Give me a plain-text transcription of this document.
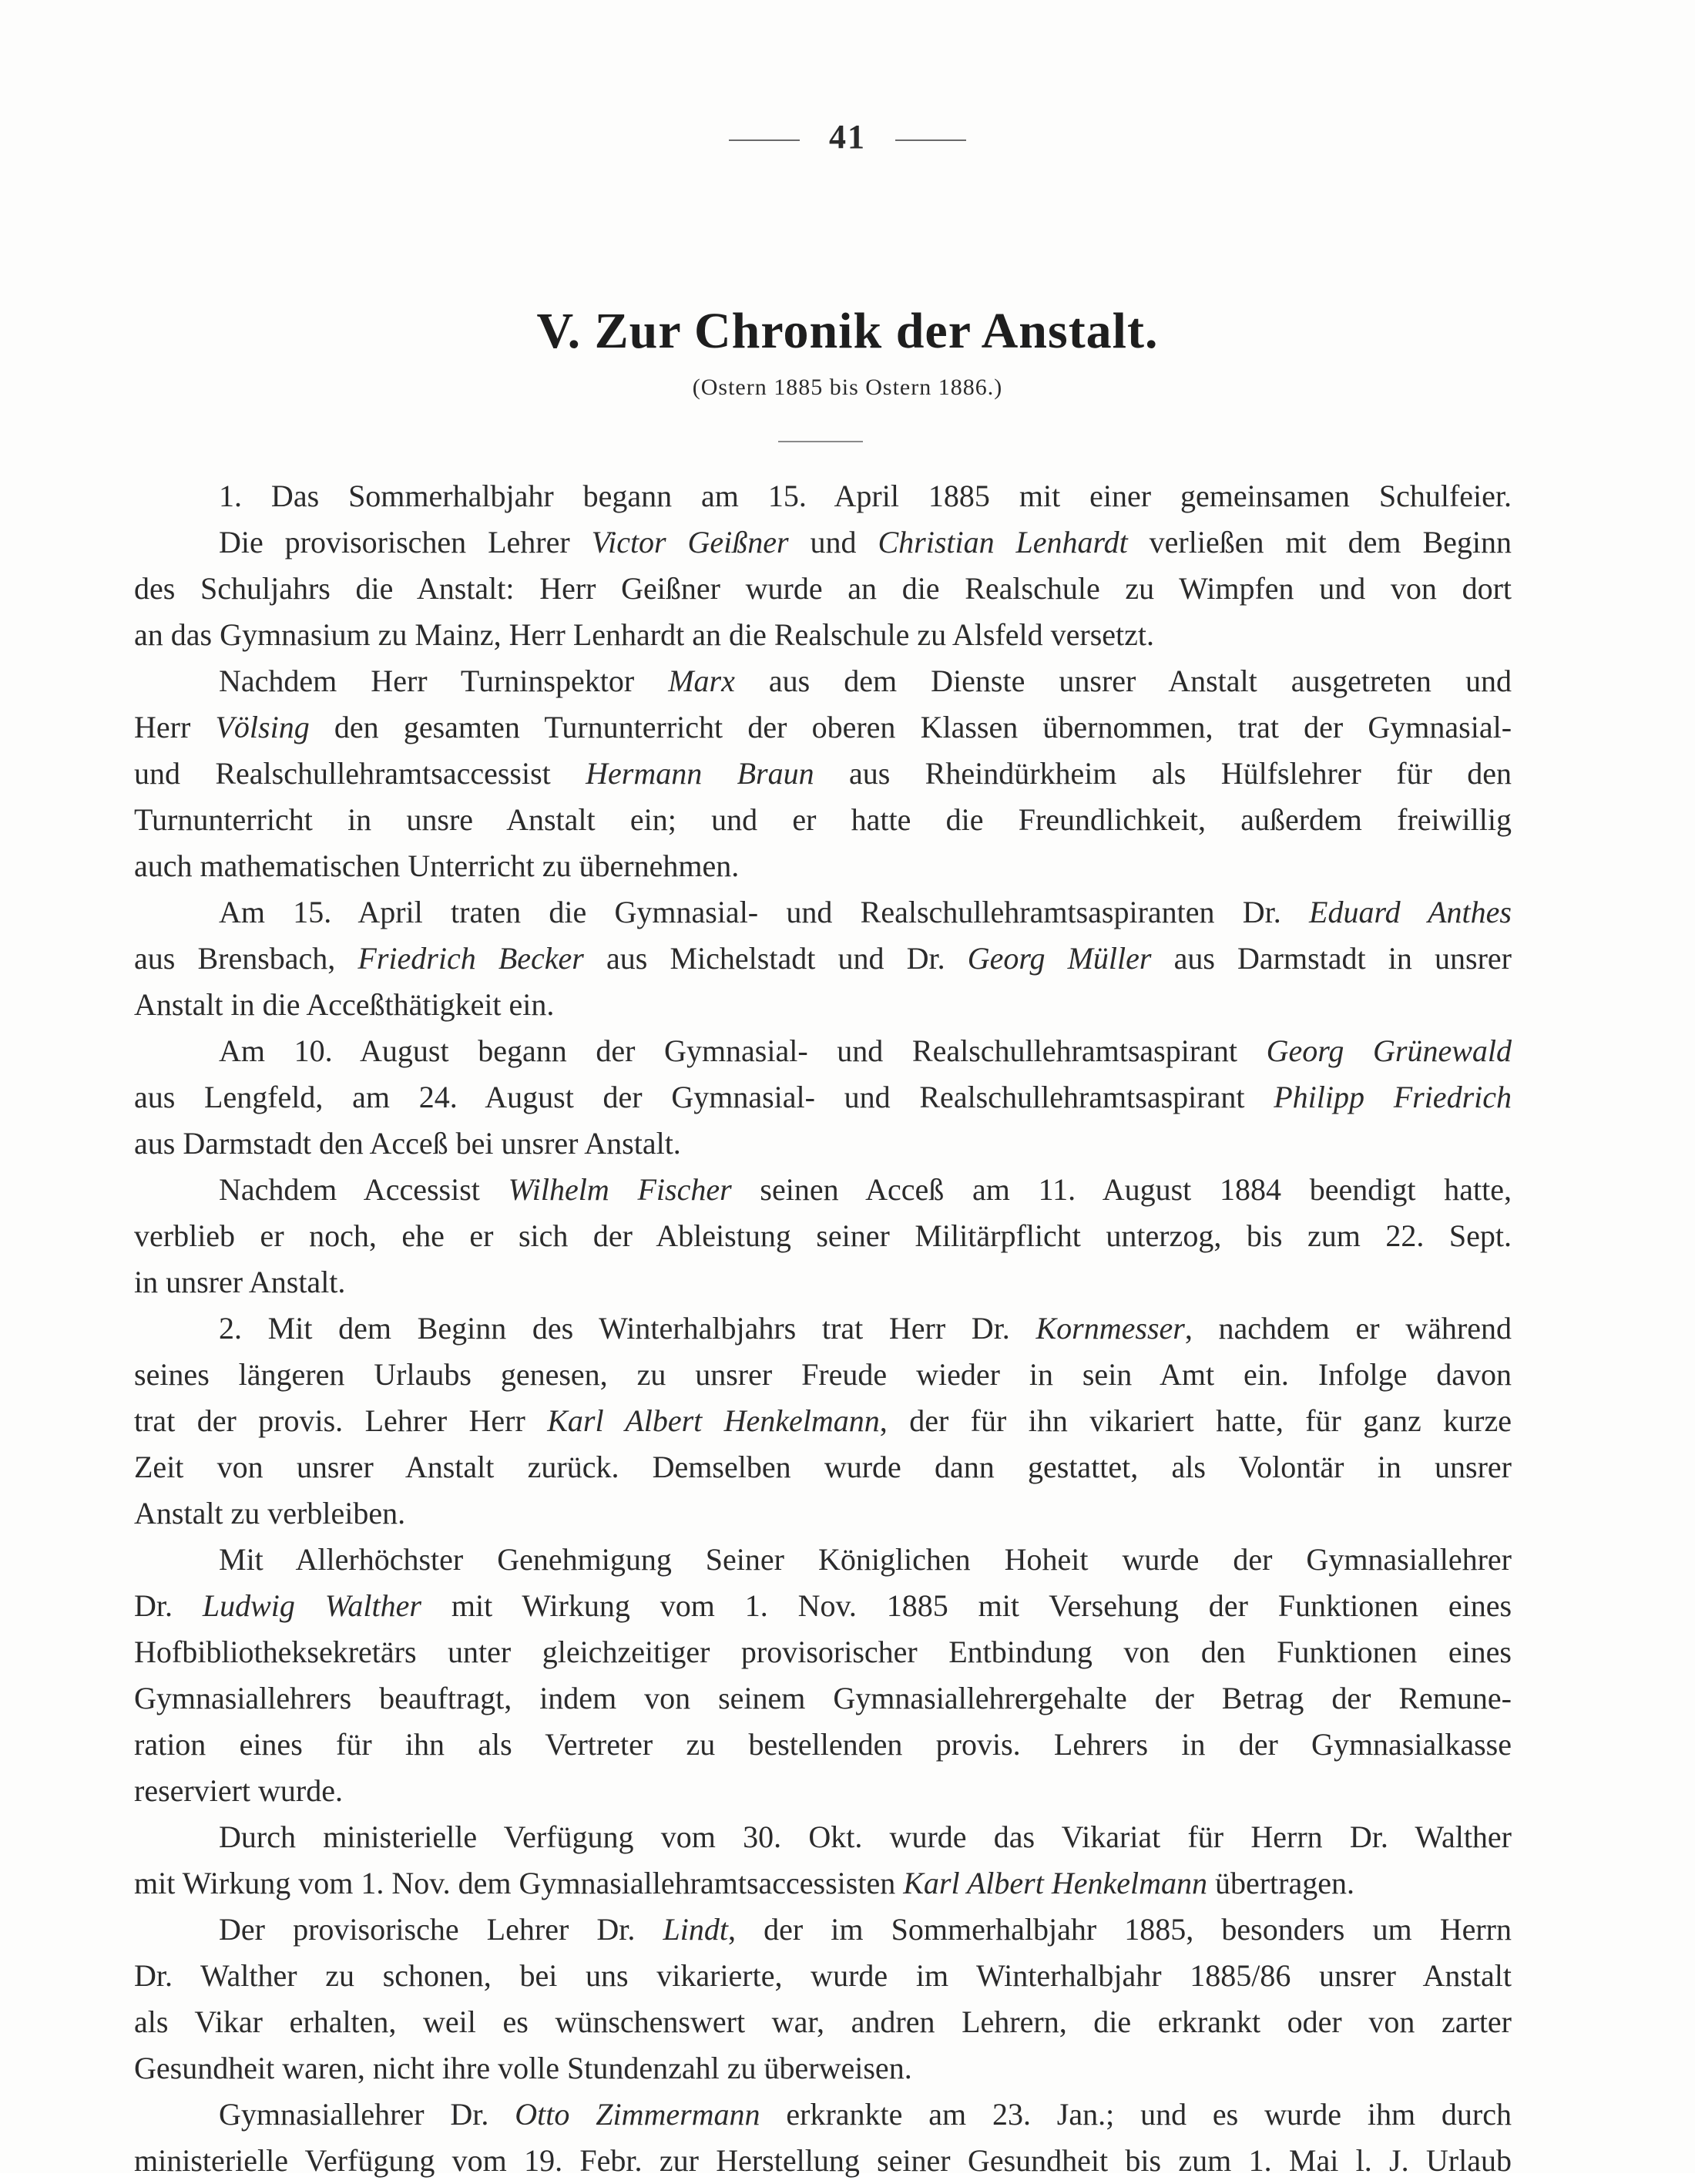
41
V. Zur Chronik der Anstalt.
(Ostern 1885 bis Ostern 1886.)
1. Das Sommerhalbjahr begann am 15. April 1885 mit einer gemeinsamen Schulfeier.
Die provisorischen Lehrer Victor Geißner und Christian Lenhardt verließen mit dem Beginn
des Schuljahrs die Anstalt: Herr Geißner wurde an die Realschule zu Wimpfen und von dort
an das Gymnasium zu Mainz, Herr Lenhardt an die Realschule zu Alsfeld versetzt.
Nachdem Herr Turninspektor Marx aus dem Dienste unsrer Anstalt ausgetreten und
Herr Völsing den gesamten Turnunterricht der oberen Klassen übernommen, trat der Gymnasial-
und Realschullehramtsaccessist Hermann Braun aus Rheindürkheim als Hülfslehrer für den
Turnunterricht in unsre Anstalt ein; und er hatte die Freundlichkeit, außerdem freiwillig
auch mathematischen Unterricht zu übernehmen.
Am 15. April traten die Gymnasial- und Realschullehramtsaspiranten Dr. Eduard Anthes
aus Brensbach, Friedrich Becker aus Michelstadt und Dr. Georg Müller aus Darmstadt in unsrer
Anstalt in die Acceßthätigkeit ein.
Am 10. August begann der Gymnasial- und Realschullehramtsaspirant Georg Grünewald
aus Lengfeld, am 24. August der Gymnasial- und Realschullehramtsaspirant Philipp Friedrich
aus Darmstadt den Acceß bei unsrer Anstalt.
Nachdem Accessist Wilhelm Fischer seinen Acceß am 11. August 1884 beendigt hatte,
verblieb er noch, ehe er sich der Ableistung seiner Militärpflicht unterzog, bis zum 22. Sept.
in unsrer Anstalt.
2. Mit dem Beginn des Winterhalbjahrs trat Herr Dr. Kornmesser, nachdem er während
seines längeren Urlaubs genesen, zu unsrer Freude wieder in sein Amt ein. Infolge davon
trat der provis. Lehrer Herr Karl Albert Henkelmann, der für ihn vikariert hatte, für ganz kurze
Zeit von unsrer Anstalt zurück. Demselben wurde dann gestattet, als Volontär in unsrer
Anstalt zu verbleiben.
Mit Allerhöchster Genehmigung Seiner Königlichen Hoheit wurde der Gymnasiallehrer
Dr. Ludwig Walther mit Wirkung vom 1. Nov. 1885 mit Versehung der Funktionen eines
Hofbibliotheksekretärs unter gleichzeitiger provisorischer Entbindung von den Funktionen eines
Gymnasiallehrers beauftragt, indem von seinem Gymnasiallehrergehalte der Betrag der Remune-
ration eines für ihn als Vertreter zu bestellenden provis. Lehrers in der Gymnasialkasse
reserviert wurde.
Durch ministerielle Verfügung vom 30. Okt. wurde das Vikariat für Herrn Dr. Walther
mit Wirkung vom 1. Nov. dem Gymnasiallehramtsaccessisten Karl Albert Henkelmann übertragen.
Der provisorische Lehrer Dr. Lindt, der im Sommerhalbjahr 1885, besonders um Herrn
Dr. Walther zu schonen, bei uns vikarierte, wurde im Winterhalbjahr 1885/86 unsrer Anstalt
als Vikar erhalten, weil es wünschenswert war, andren Lehrern, die erkrankt oder von zarter
Gesundheit waren, nicht ihre volle Stundenzahl zu überweisen.
Gymnasiallehrer Dr. Otto Zimmermann erkrankte am 23. Jan.; und es wurde ihm durch
ministerielle Verfügung vom 19. Febr. zur Herstellung seiner Gesundheit bis zum 1. Mai l. J. Urlaub
